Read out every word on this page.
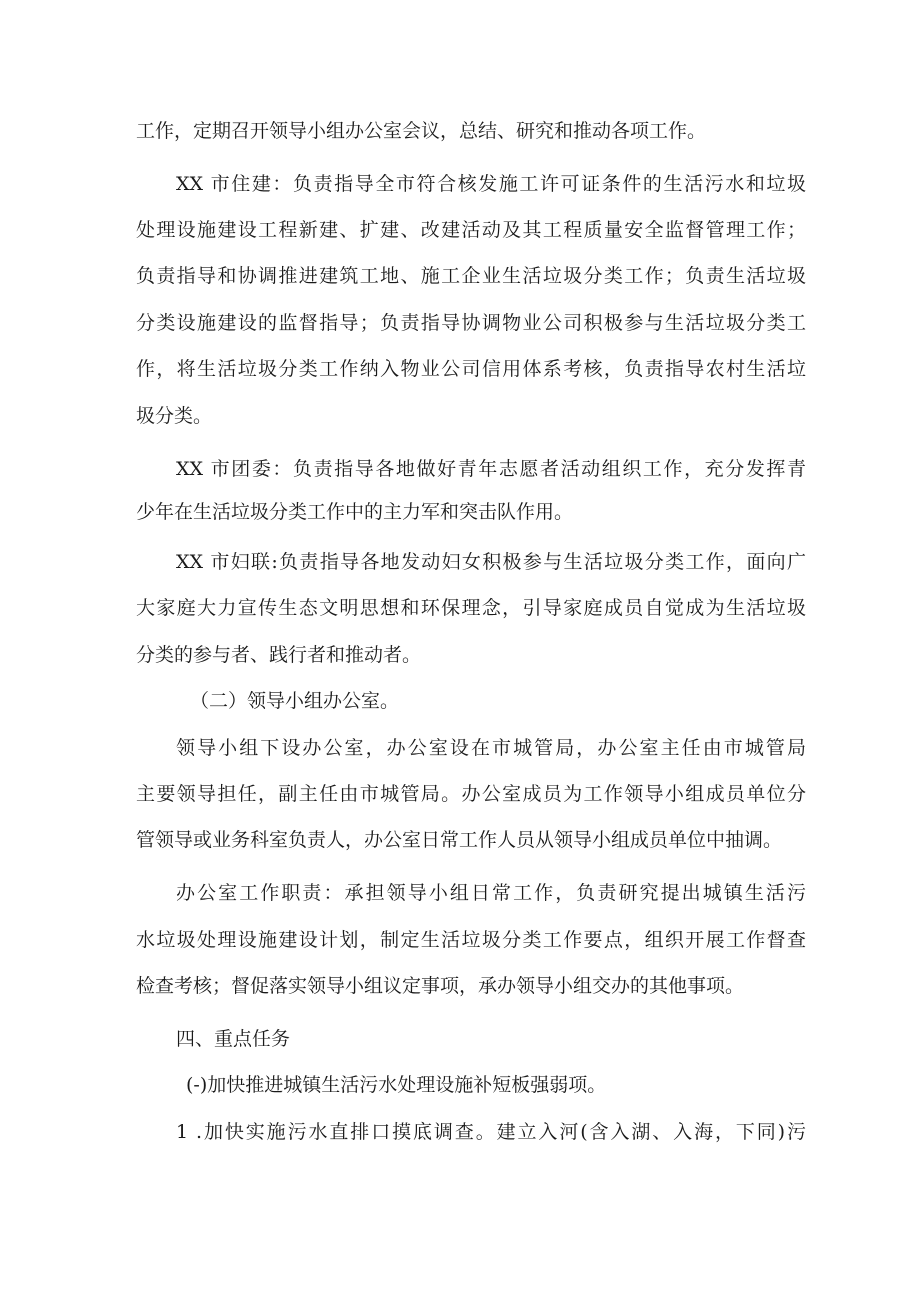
工作，定期召开领导小组办公室会议，总结、研究和推动各项工作。
XX 市住建：负责指导全市符合核发施工许可证条件的生活污水和垃圾
处理设施建设工程新建、扩建、改建活动及其工程质量安全监督管理工作；
负责指导和协调推进建筑工地、施工企业生活垃圾分类工作；负责生活垃圾
分类设施建设的监督指导；负责指导协调物业公司积极参与生活垃圾分类工
作，将生活垃圾分类工作纳入物业公司信用体系考核，负责指导农村生活垃
圾分类。
XX 市团委：负责指导各地做好青年志愿者活动组织工作，充分发挥青
少年在生活垃圾分类工作中的主力军和突击队作用。
XX 市妇联:负责指导各地发动妇女积极参与生活垃圾分类工作，面向广
大家庭大力宣传生态文明思想和环保理念，引导家庭成员自觉成为生活垃圾
分类的参与者、践行者和推动者。
（二）领导小组办公室。
领导小组下设办公室，办公室设在市城管局，办公室主任由市城管局
主要领导担任，副主任由市城管局。办公室成员为工作领导小组成员单位分
管领导或业务科室负责人，办公室日常工作人员从领导小组成员单位中抽调。
办公室工作职责：承担领导小组日常工作，负责研究提出城镇生活污
水垃圾处理设施建设计划，制定生活垃圾分类工作要点，组织开展工作督查
检查考核；督促落实领导小组议定事项，承办领导小组交办的其他事项。
四、重点任务
(-)加快推进城镇生活污水处理设施补短板强弱项。
1 .加快实施污水直排口摸底调查。建立入河(含入湖、入海，下同)污
